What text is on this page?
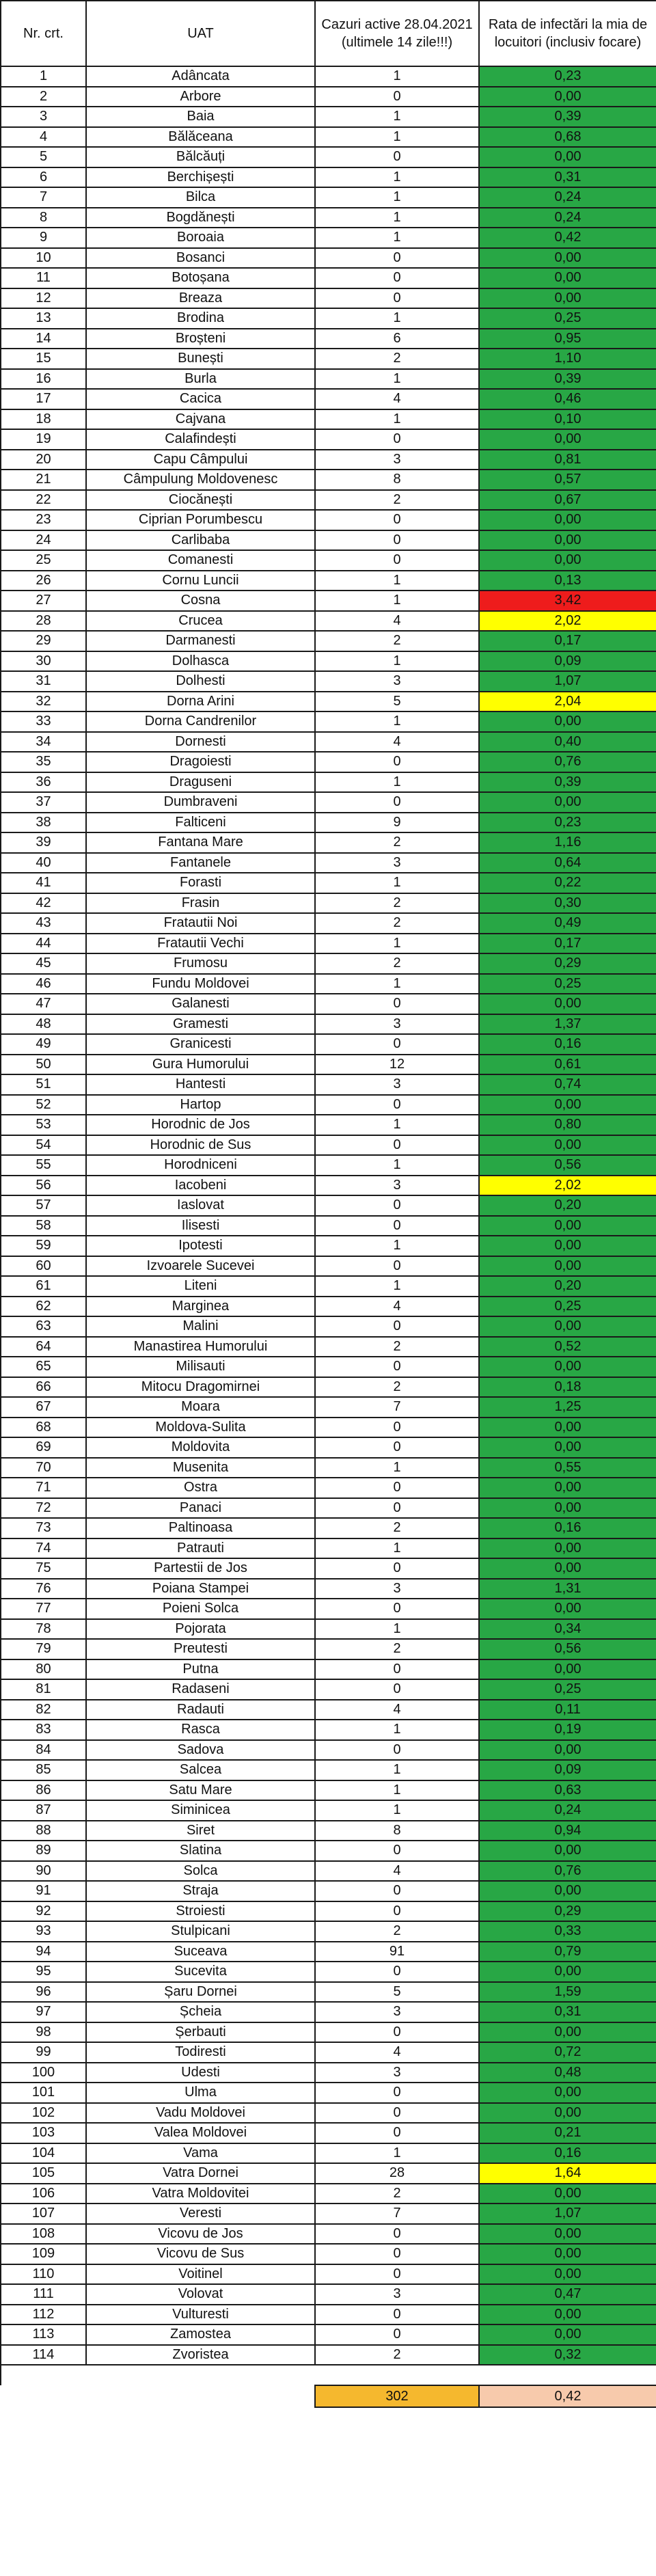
Nr. crt.	UAT	Cazuri active 28.04.2021 (ultimele 14 zile!!!)	Rata de infectări la mia de locuitori (inclusiv focare)
1	Adâncata	1	0,23
2	Arbore	0	0,00
3	Baia	1	0,39
4	Bălăceana	1	0,68
5	Bălcăuți	0	0,00
6	Berchișești	1	0,31
7	Bilca	1	0,24
8	Bogdănești	1	0,24
9	Boroaia	1	0,42
10	Bosanci	0	0,00
11	Botoșana	0	0,00
12	Breaza	0	0,00
13	Brodina	1	0,25
14	Broșteni	6	0,95
15	Bunești	2	1,10
16	Burla	1	0,39
17	Cacica	4	0,46
18	Cajvana	1	0,10
19	Calafindești	0	0,00
20	Capu Câmpului	3	0,81
21	Câmpulung Moldovenesc	8	0,57
22	Ciocănești	2	0,67
23	Ciprian Porumbescu	0	0,00
24	Carlibaba	0	0,00
25	Comanesti	0	0,00
26	Cornu Luncii	1	0,13
27	Cosna	1	3,42
28	Crucea	4	2,02
29	Darmanesti	2	0,17
30	Dolhasca	1	0,09
31	Dolhesti	3	1,07
32	Dorna Arini	5	2,04
33	Dorna Candrenilor	1	0,00
34	Dornesti	4	0,40
35	Dragoiesti	0	0,76
36	Draguseni	1	0,39
37	Dumbraveni	0	0,00
38	Falticeni	9	0,23
39	Fantana Mare	2	1,16
40	Fantanele	3	0,64
41	Forasti	1	0,22
42	Frasin	2	0,30
43	Fratautii Noi	2	0,49
44	Fratautii Vechi	1	0,17
45	Frumosu	2	0,29
46	Fundu Moldovei	1	0,25
47	Galanesti	0	0,00
48	Gramesti	3	1,37
49	Granicesti	0	0,16
50	Gura Humorului	12	0,61
51	Hantesti	3	0,74
52	Hartop	0	0,00
53	Horodnic de Jos	1	0,80
54	Horodnic de Sus	0	0,00
55	Horodniceni	1	0,56
56	Iacobeni	3	2,02
57	Iaslovat	0	0,20
58	Ilisesti	0	0,00
59	Ipotesti	1	0,00
60	Izvoarele Sucevei	0	0,00
61	Liteni	1	0,20
62	Marginea	4	0,25
63	Malini	0	0,00
64	Manastirea Humorului	2	0,52
65	Milisauti	0	0,00
66	Mitocu Dragomirnei	2	0,18
67	Moara	7	1,25
68	Moldova-Sulita	0	0,00
69	Moldovita	0	0,00
70	Musenita	1	0,55
71	Ostra	0	0,00
72	Panaci	0	0,00
73	Paltinoasa	2	0,16
74	Patrauti	1	0,00
75	Partestii de Jos	0	0,00
76	Poiana Stampei	3	1,31
77	Poieni Solca	0	0,00
78	Pojorata	1	0,34
79	Preutesti	2	0,56
80	Putna	0	0,00
81	Radaseni	0	0,25
82	Radauti	4	0,11
83	Rasca	1	0,19
84	Sadova	0	0,00
85	Salcea	1	0,09
86	Satu Mare	1	0,63
87	Siminicea	1	0,24
88	Siret	8	0,94
89	Slatina	0	0,00
90	Solca	4	0,76
91	Straja	0	0,00
92	Stroiesti	0	0,29
93	Stulpicani	2	0,33
94	Suceava	91	0,79
95	Sucevita	0	0,00
96	Șaru Dornei	5	1,59
97	Șcheia	3	0,31
98	Șerbauti	0	0,00
99	Todiresti	4	0,72
100	Udesti	3	0,48
101	Ulma	0	0,00
102	Vadu Moldovei	0	0,00
103	Valea Moldovei	0	0,21
104	Vama	1	0,16
105	Vatra Dornei	28	1,64
106	Vatra Moldovitei	2	0,00
107	Veresti	7	1,07
108	Vicovu de Jos	0	0,00
109	Vicovu de Sus	0	0,00
110	Voitinel	0	0,00
111	Volovat	3	0,47
112	Vulturesti	0	0,00
113	Zamostea	0	0,00
114	Zvoristea	2	0,32

		302	0,42
